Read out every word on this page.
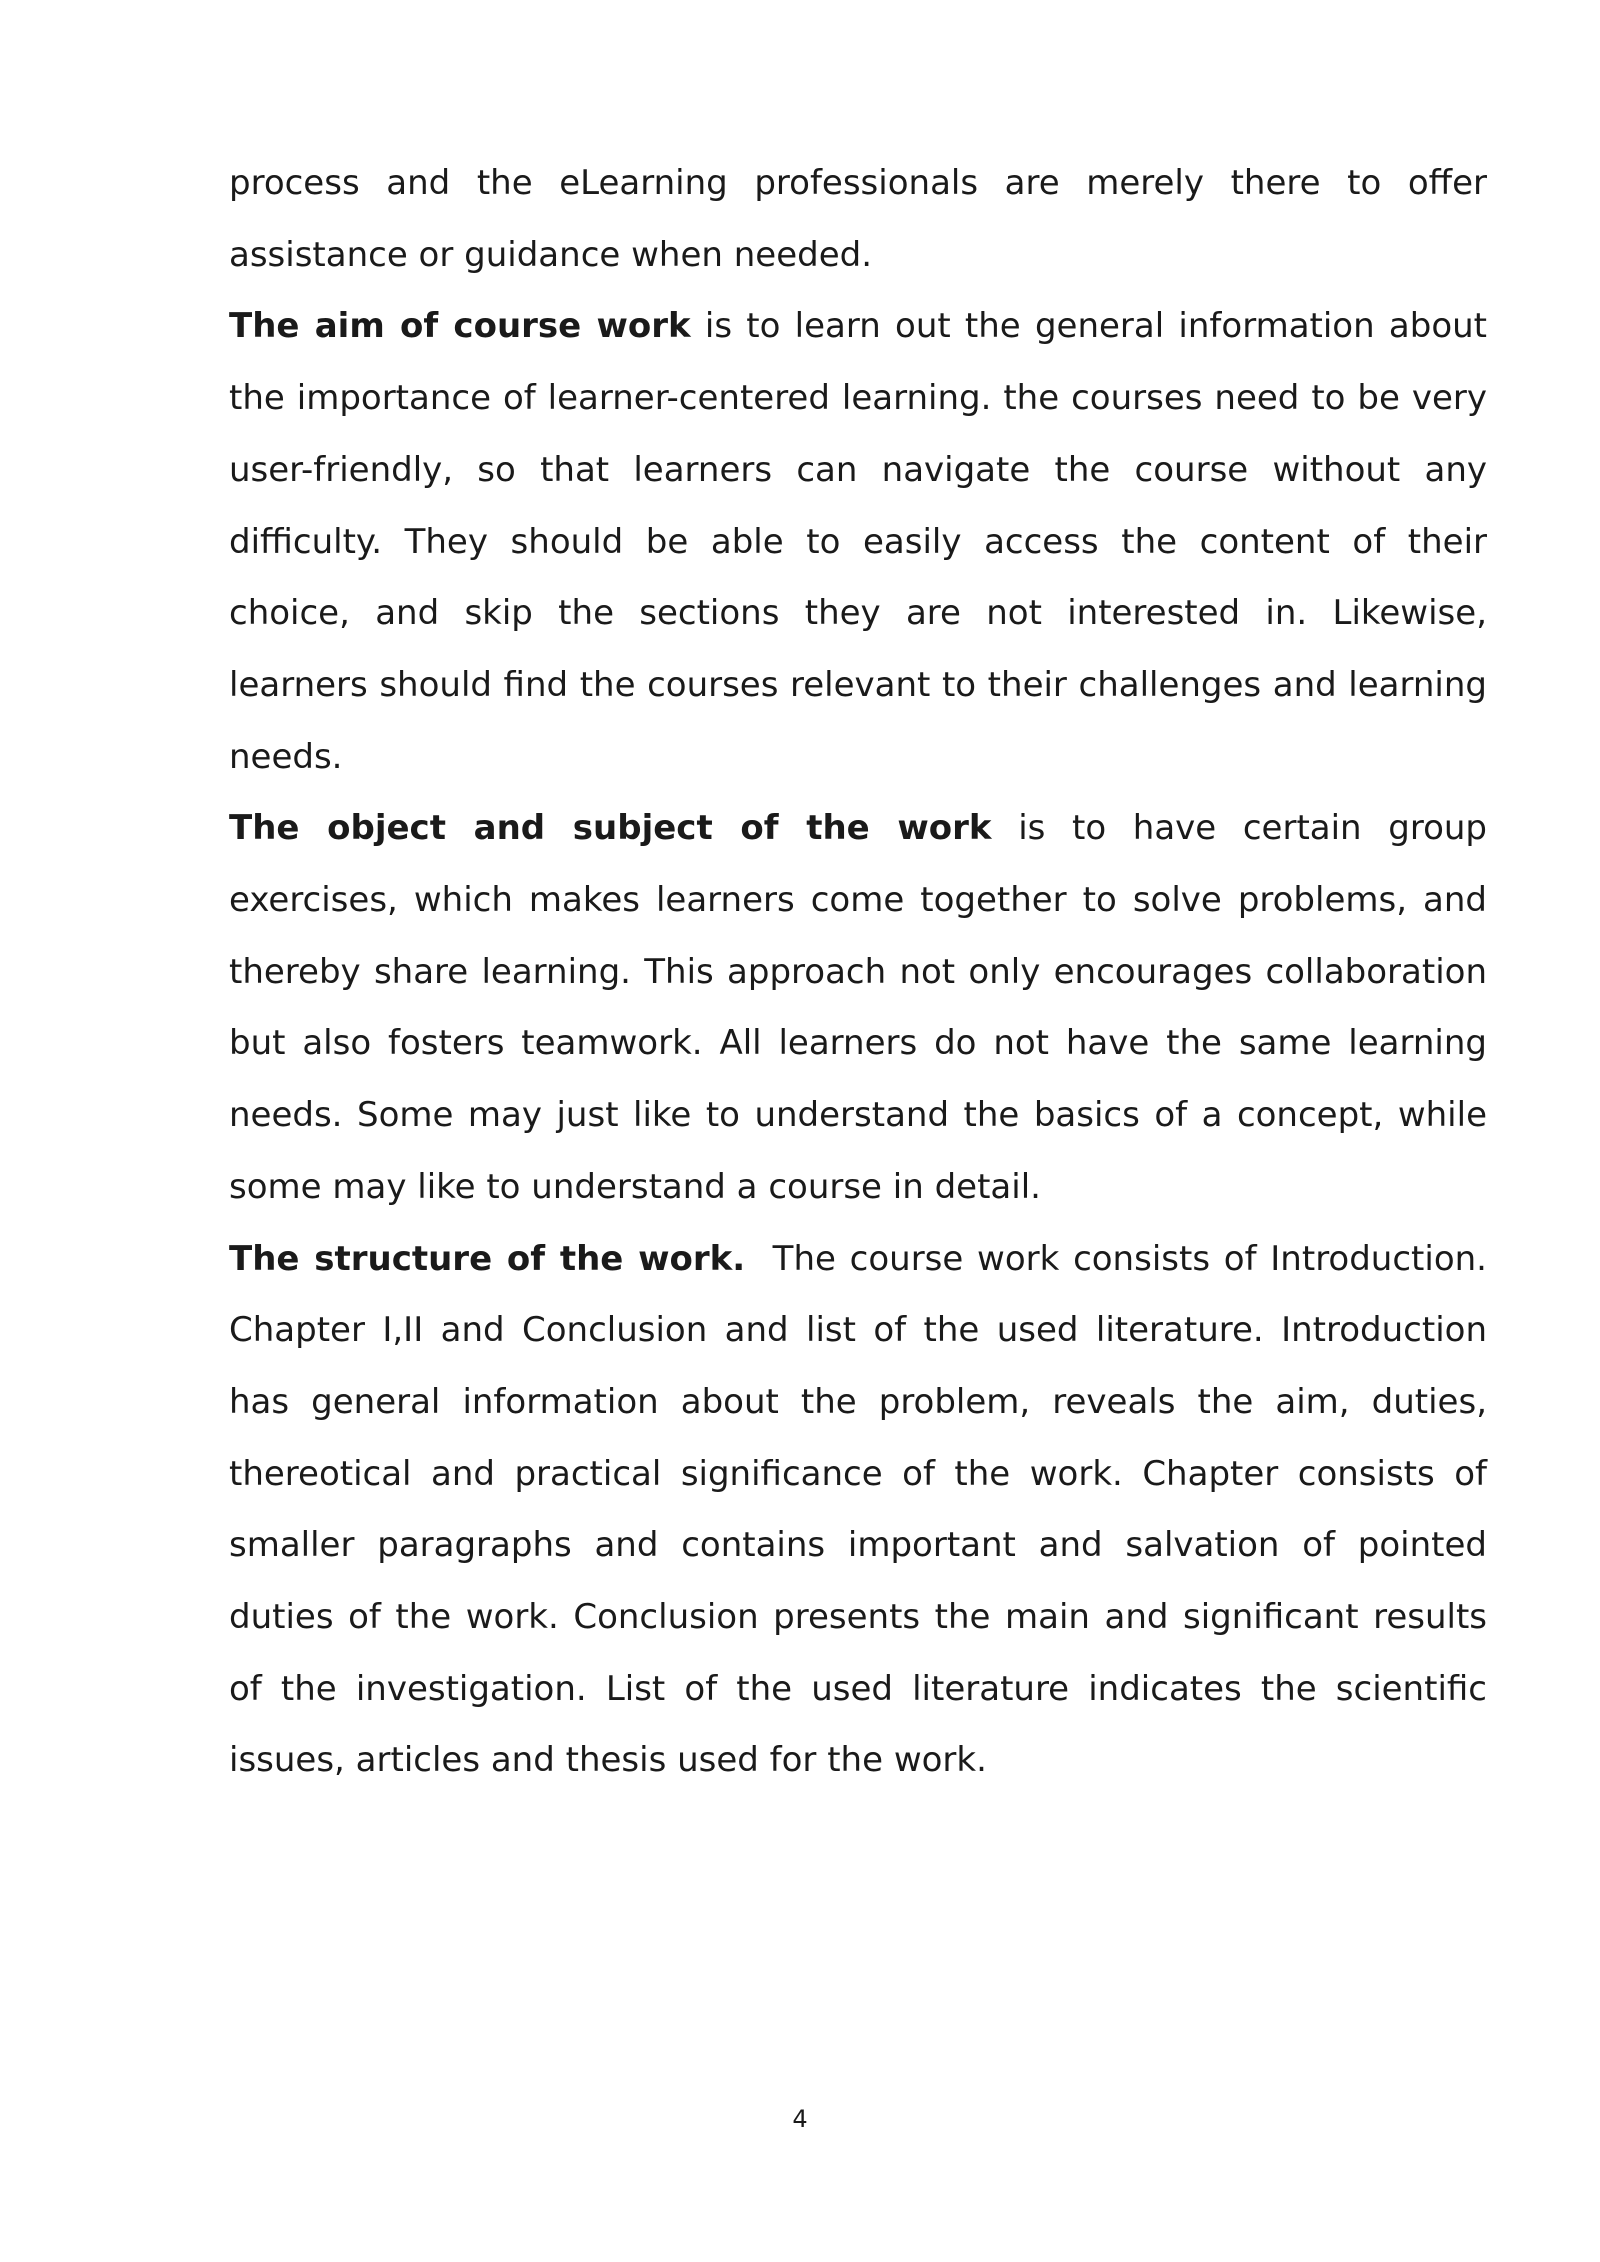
process and the eLearning professionals are merely there to offer assistance or guidance when needed.

The aim of course work is to learn out the general information about the importance of learner-centered learning. the courses need to be very user-friendly, so that learners can navigate the course without any difficulty. They should be able to easily access the content of their choice, and skip the sections they are not interested in. Likewise, learners should find the courses relevant to their challenges and learning needs.

The object and subject of the work is to have certain group exercises, which makes learners come together to solve problems, and thereby share learning. This approach not only encourages collaboration but also fosters teamwork. All learners do not have the same learning needs. Some may just like to understand the basics of a concept, while some may like to understand a course in detail.

The structure of the work.  The course work consists of Introduction. Chapter I,II and Conclusion and list of the used literature. Introduction has general information about the problem, reveals the aim, duties, thereotical and practical significance of the work. Chapter consists of smaller paragraphs and contains important and salvation of pointed duties of the work. Conclusion presents the main and significant results of the investigation. List of the used literature indicates the scientific issues, articles and thesis used for the work.

4
